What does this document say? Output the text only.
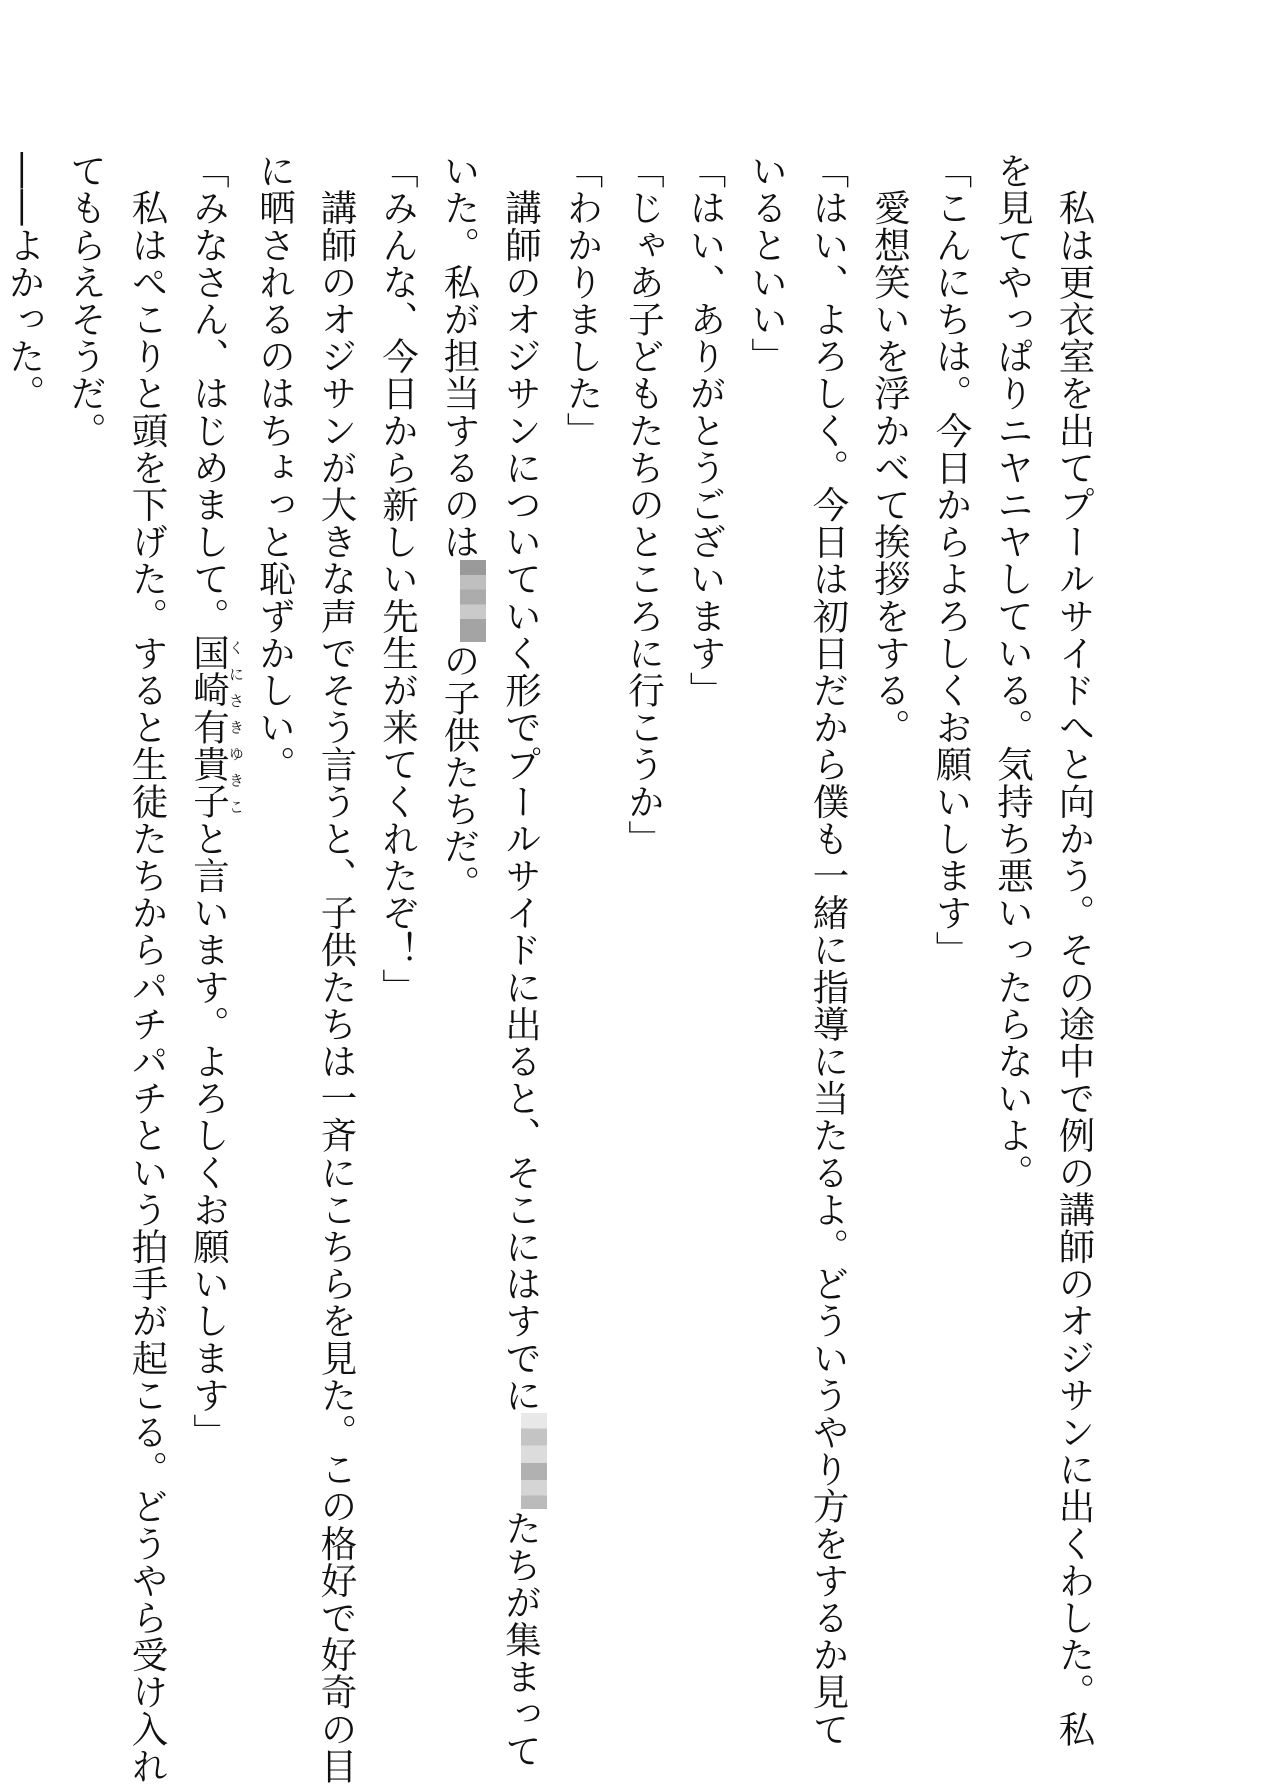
　私は更衣室を出てプールサイドへと向かう。その途中で例の講師のオジサンに出くわした。私
を見てやっぱりニヤニヤしている。気持ち悪いったらないよ。
「こんにちは。今日からよろしくお願いします」
　愛想笑いを浮かべて挨拶をする。
「はい、よろしく。今日は初日だから僕も一緒に指導に当たるよ。どういうやり方をするか見て
いるといい」
「はい、ありがとうございます」
「じゃあ子どもたちのところに行こうか」
「わかりました」
　講師のオジサンについていく形でプールサイドに出ると、そこにはすでにたちが集まって
いた。私が担当するのはの子供たちだ。
「みんな、今日から新しい先生が来てくれたぞ！」
　講師のオジサンが大きな声でそう言うと、子供たちは一斉にこちらを見た。この格好で好奇の目
に晒されるのはちょっと恥ずかしい。
「みなさん、はじめまして。国崎有貴子くにさきゆきこと言います。よろしくお願いします」
　私はぺこりと頭を下げた。すると生徒たちからパチパチという拍手が起こる。どうやら受け入れ
てもらえそうだ。
――よかった。
